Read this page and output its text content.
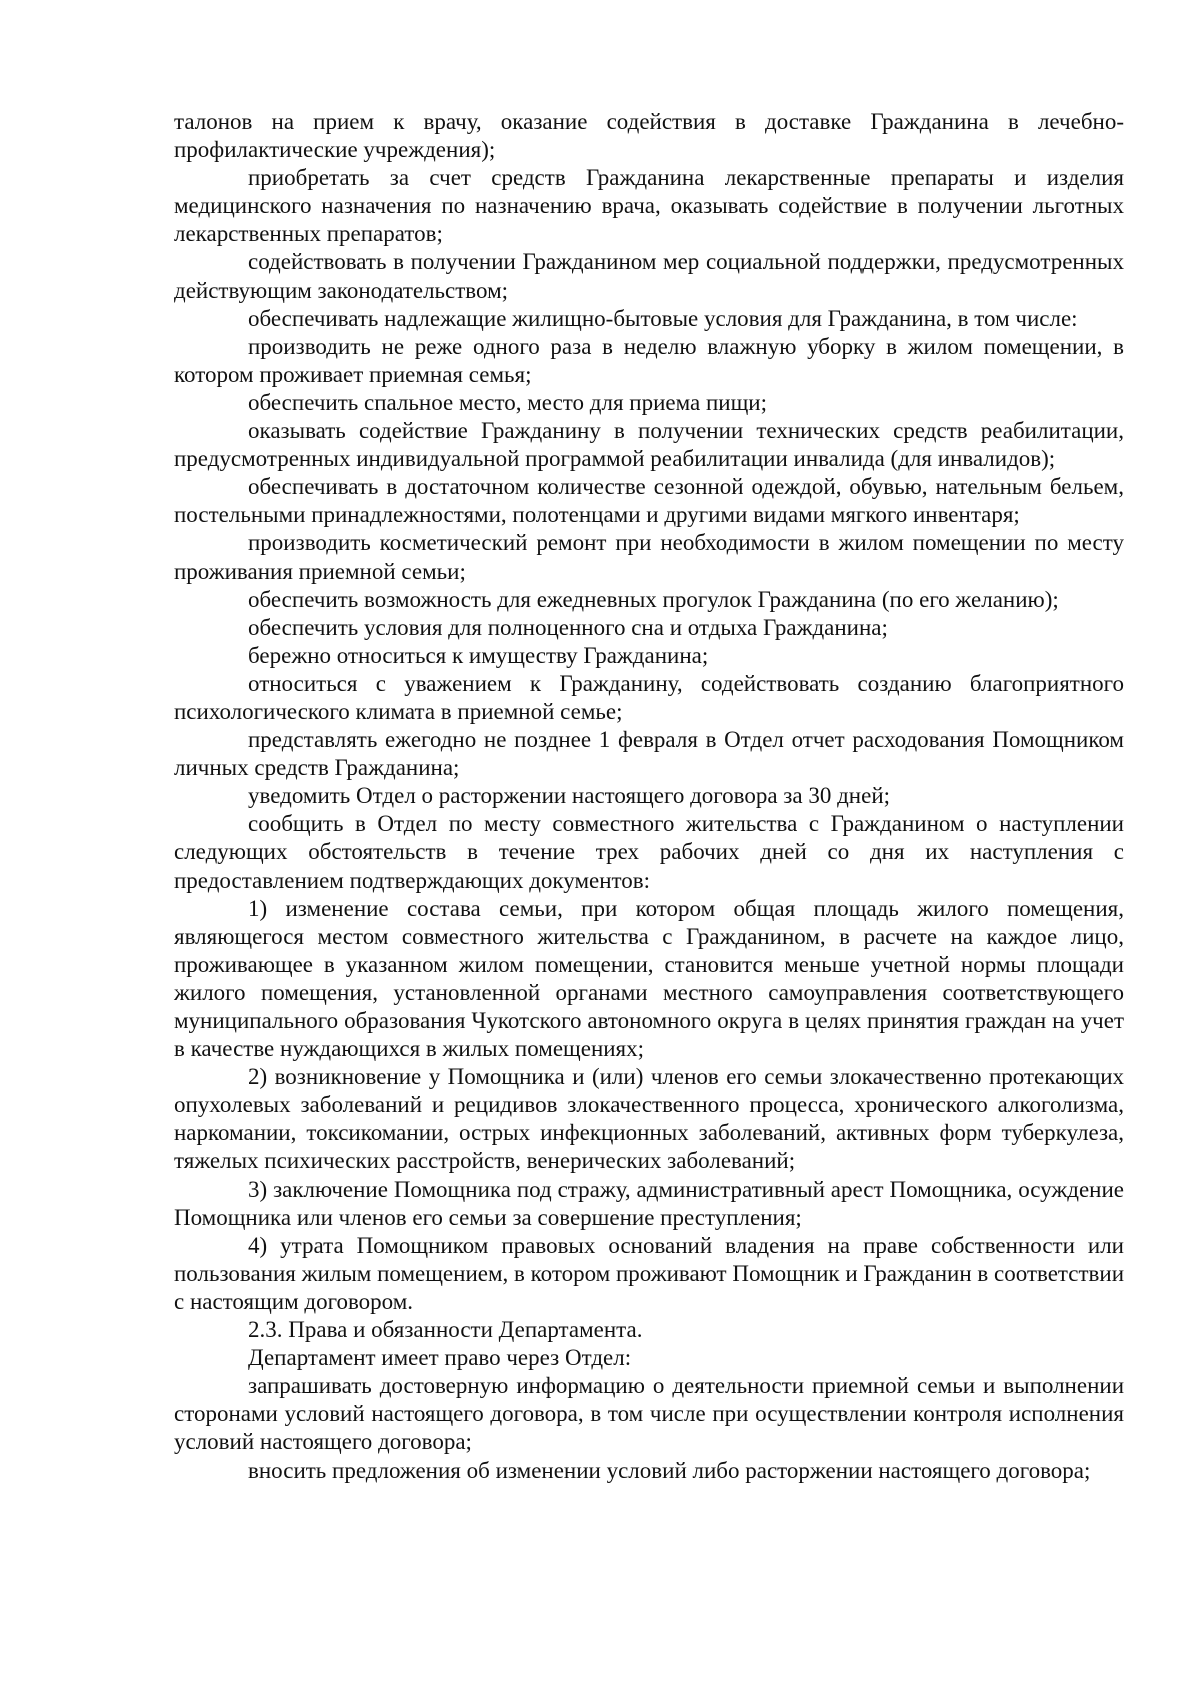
талонов на прием к врачу, оказание содействия в доставке Гражданина в лечебно-профилактические учреждения);

приобретать за счет средств Гражданина лекарственные препараты и изделия медицинского назначения по назначению врача, оказывать содействие в получении льготных лекарственных препаратов;

содействовать в получении Гражданином мер социальной поддержки, предусмотренных действующим законодательством;

обеспечивать надлежащие жилищно-бытовые условия для Гражданина, в том числе:

производить не реже одного раза в неделю влажную уборку в жилом помещении, в котором проживает приемная семья;

обеспечить спальное место, место для приема пищи;

оказывать содействие Гражданину в получении технических средств реабилитации, предусмотренных индивидуальной программой реабилитации инвалида (для инвалидов);

обеспечивать в достаточном количестве сезонной одеждой, обувью, нательным бельем, постельными принадлежностями, полотенцами и другими видами мягкого инвентаря;

производить косметический ремонт при необходимости в жилом помещении по месту проживания приемной семьи;

обеспечить возможность для ежедневных прогулок Гражданина (по его желанию);

обеспечить условия для полноценного сна и отдыха Гражданина;

бережно относиться к имуществу Гражданина;

относиться с уважением к Гражданину, содействовать созданию благоприятного психологического климата в приемной семье;

представлять ежегодно не позднее 1 февраля в Отдел отчет расходования Помощником личных средств Гражданина;

уведомить Отдел о расторжении настоящего договора за 30 дней;

сообщить в Отдел по месту совместного жительства с Гражданином о наступлении следующих обстоятельств в течение трех рабочих дней со дня их наступления с предоставлением подтверждающих документов:

1) изменение состава семьи, при котором общая площадь жилого помещения, являющегося местом совместного жительства с Гражданином, в расчете на каждое лицо, проживающее в указанном жилом помещении, становится меньше учетной нормы площади жилого помещения, установленной органами местного самоуправления соответствующего муниципального образования Чукотского автономного округа в целях принятия граждан на учет в качестве нуждающихся в жилых помещениях;

2) возникновение у Помощника и (или) членов его семьи злокачественно протекающих опухолевых заболеваний и рецидивов злокачественного процесса, хронического алкоголизма, наркомании, токсикомании, острых инфекционных заболеваний, активных форм туберкулеза, тяжелых психических расстройств, венерических заболеваний;

3) заключение Помощника под стражу, административный арест Помощника, осуждение Помощника или членов его семьи за совершение преступления;

4) утрата Помощником правовых оснований владения на праве собственности или пользования жилым помещением, в котором проживают Помощник и Гражданин в соответствии с настоящим договором.

2.3. Права и обязанности Департамента.

Департамент имеет право через Отдел:

запрашивать достоверную информацию о деятельности приемной семьи и выполнении сторонами условий настоящего договора, в том числе при осуществлении контроля исполнения условий настоящего договора;

вносить предложения об изменении условий либо расторжении настоящего договора;
